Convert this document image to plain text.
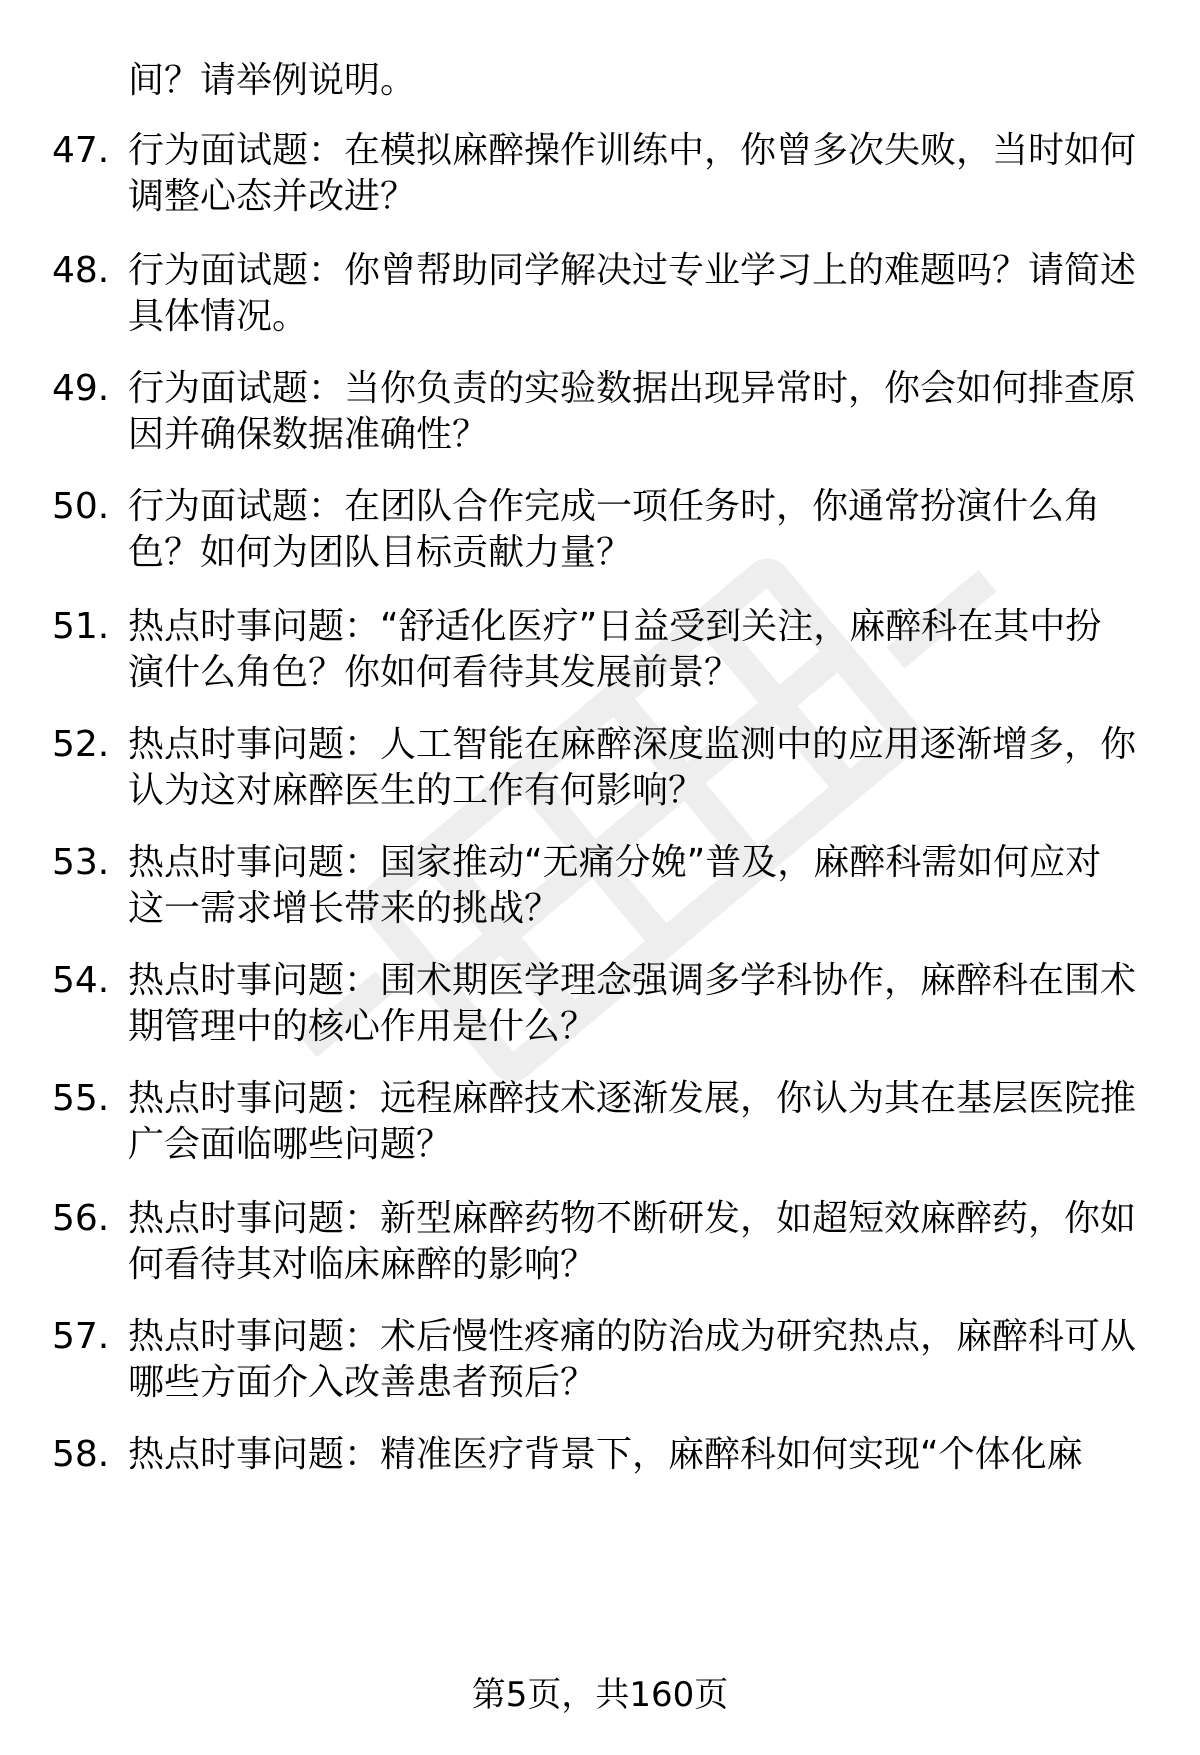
间？请举例说明。
47. 行为面试题：在模拟麻醉操作训练中，你曾多次失败，当时如何
调整心态并改进？
48. 行为面试题：你曾帮助同学解决过专业学习上的难题吗？请简述
具体情况。
49. 行为面试题：当你负责的实验数据出现异常时，你会如何排查原
因并确保数据准确性？
50. 行为面试题：在团队合作完成一项任务时，你通常扮演什么角
色？如何为团队目标贡献力量？
51. 热点时事问题：“舒适化医疗”日益受到关注，麻醉科在其中扮
演什么角色？你如何看待其发展前景？
52. 热点时事问题：人工智能在麻醉深度监测中的应用逐渐增多，你
认为这对麻醉医生的工作有何影响？
53. 热点时事问题：国家推动“无痛分娩”普及，麻醉科需如何应对
这一需求增长带来的挑战？
54. 热点时事问题：围术期医学理念强调多学科协作，麻醉科在围术
期管理中的核心作用是什么？
55. 热点时事问题：远程麻醉技术逐渐发展，你认为其在基层医院推
广会面临哪些问题？
56. 热点时事问题：新型麻醉药物不断研发，如超短效麻醉药，你如
何看待其对临床麻醉的影响？
57. 热点时事问题：术后慢性疼痛的防治成为研究热点，麻醉科可从
哪些方面介入改善患者预后？
58. 热点时事问题：精准医疗背景下，麻醉科如何实现“个体化麻
第5页，共160页
